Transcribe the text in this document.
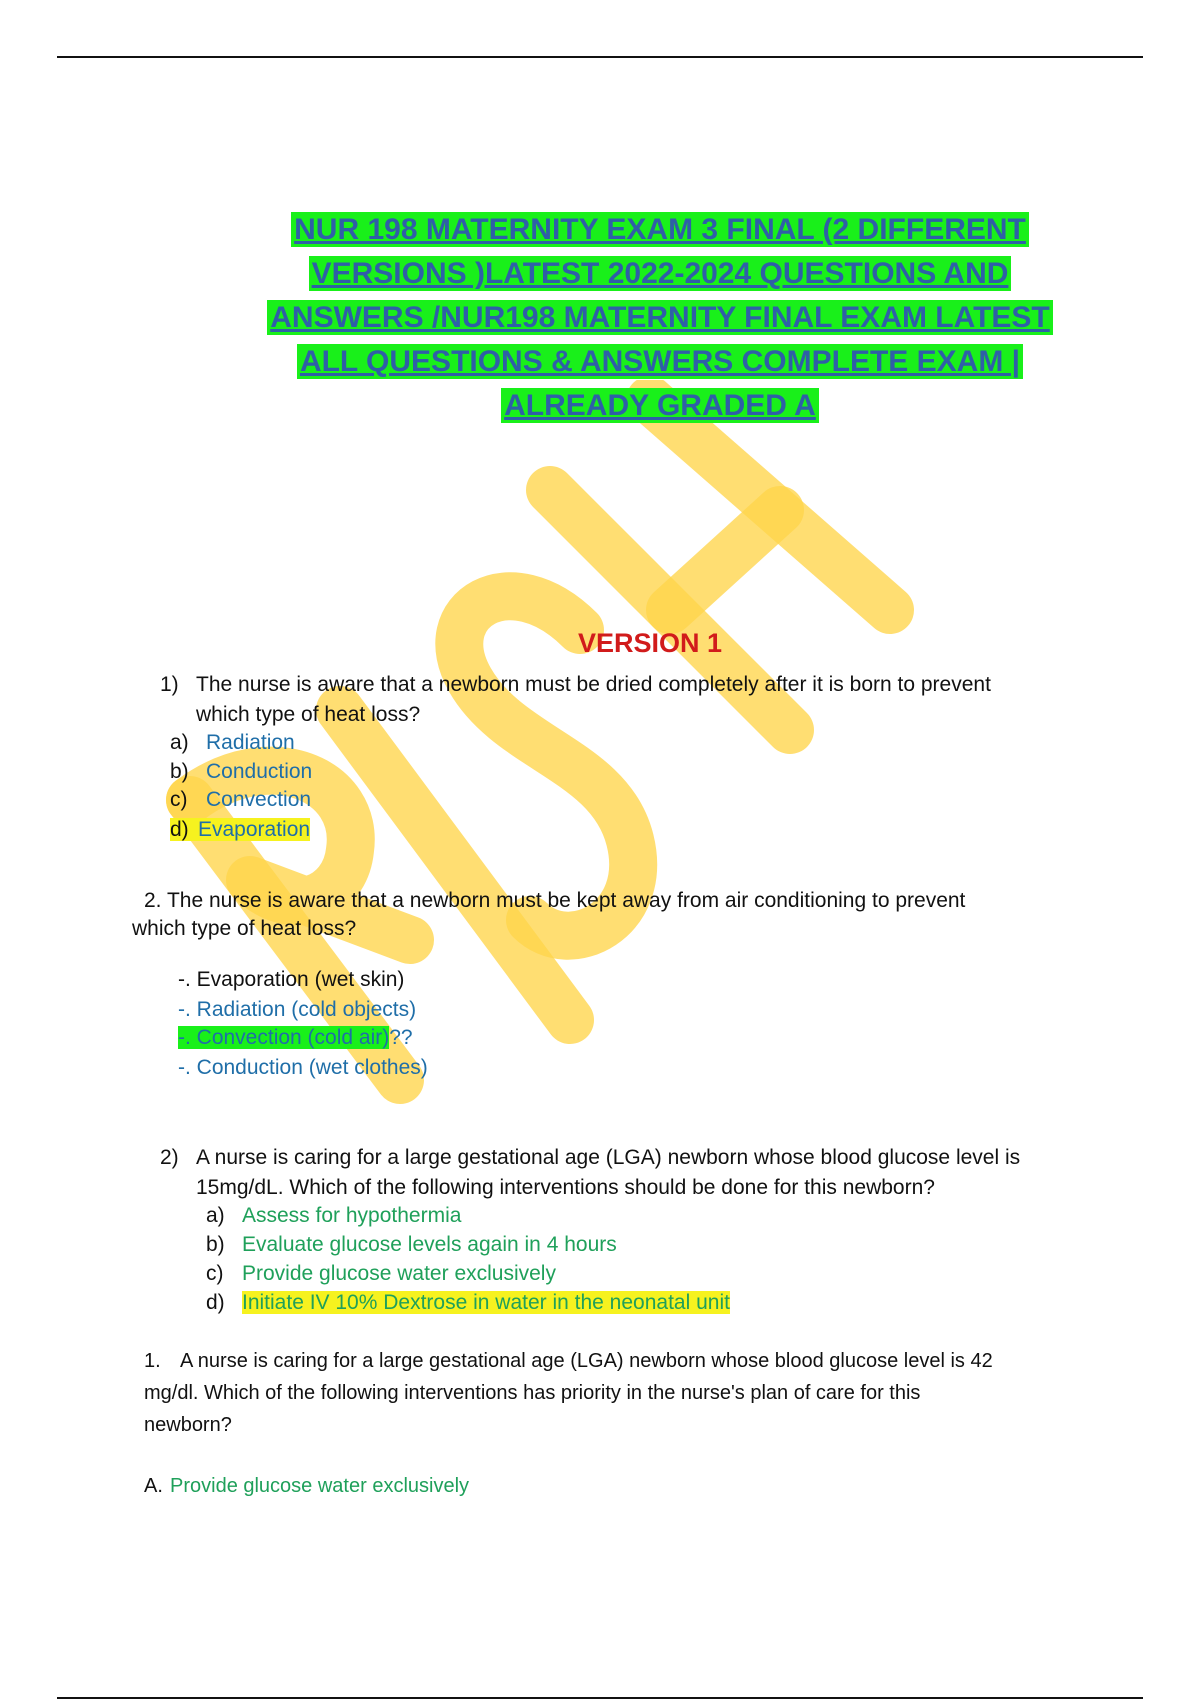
NUR 198 MATERNITY EXAM 3 FINAL (2 DIFFERENT
VERSIONS )LATEST 2022-2024 QUESTIONS AND
ANSWERS /NUR198 MATERNITY FINAL EXAM LATEST
ALL QUESTIONS & ANSWERS COMPLETE EXAM |
ALREADY GRADED A
VERSION 1
1) The nurse is aware that a newborn must be dried completely after it is born to prevent
which type of heat loss?
a) Radiation
b) Conduction
c) Convection
d) Evaporation
2. The nurse is aware that a newborn must be kept away from air conditioning to prevent
which type of heat loss?
-. Evaporation (wet skin)
-. Radiation (cold objects)
-. Convection (cold air)??
-. Conduction (wet clothes)
2) A nurse is caring for a large gestational age (LGA) newborn whose blood glucose level is
15mg/dL. Which of the following interventions should be done for this newborn?
a) Assess for hypothermia
b) Evaluate glucose levels again in 4 hours
c) Provide glucose water exclusively
d) Initiate IV 10% Dextrose in water in the neonatal unit
1. A nurse is caring for a large gestational age (LGA) newborn whose blood glucose level is 42
mg/dl. Which of the following interventions has priority in the nurse's plan of care for this
newborn?
A. Provide glucose water exclusively
